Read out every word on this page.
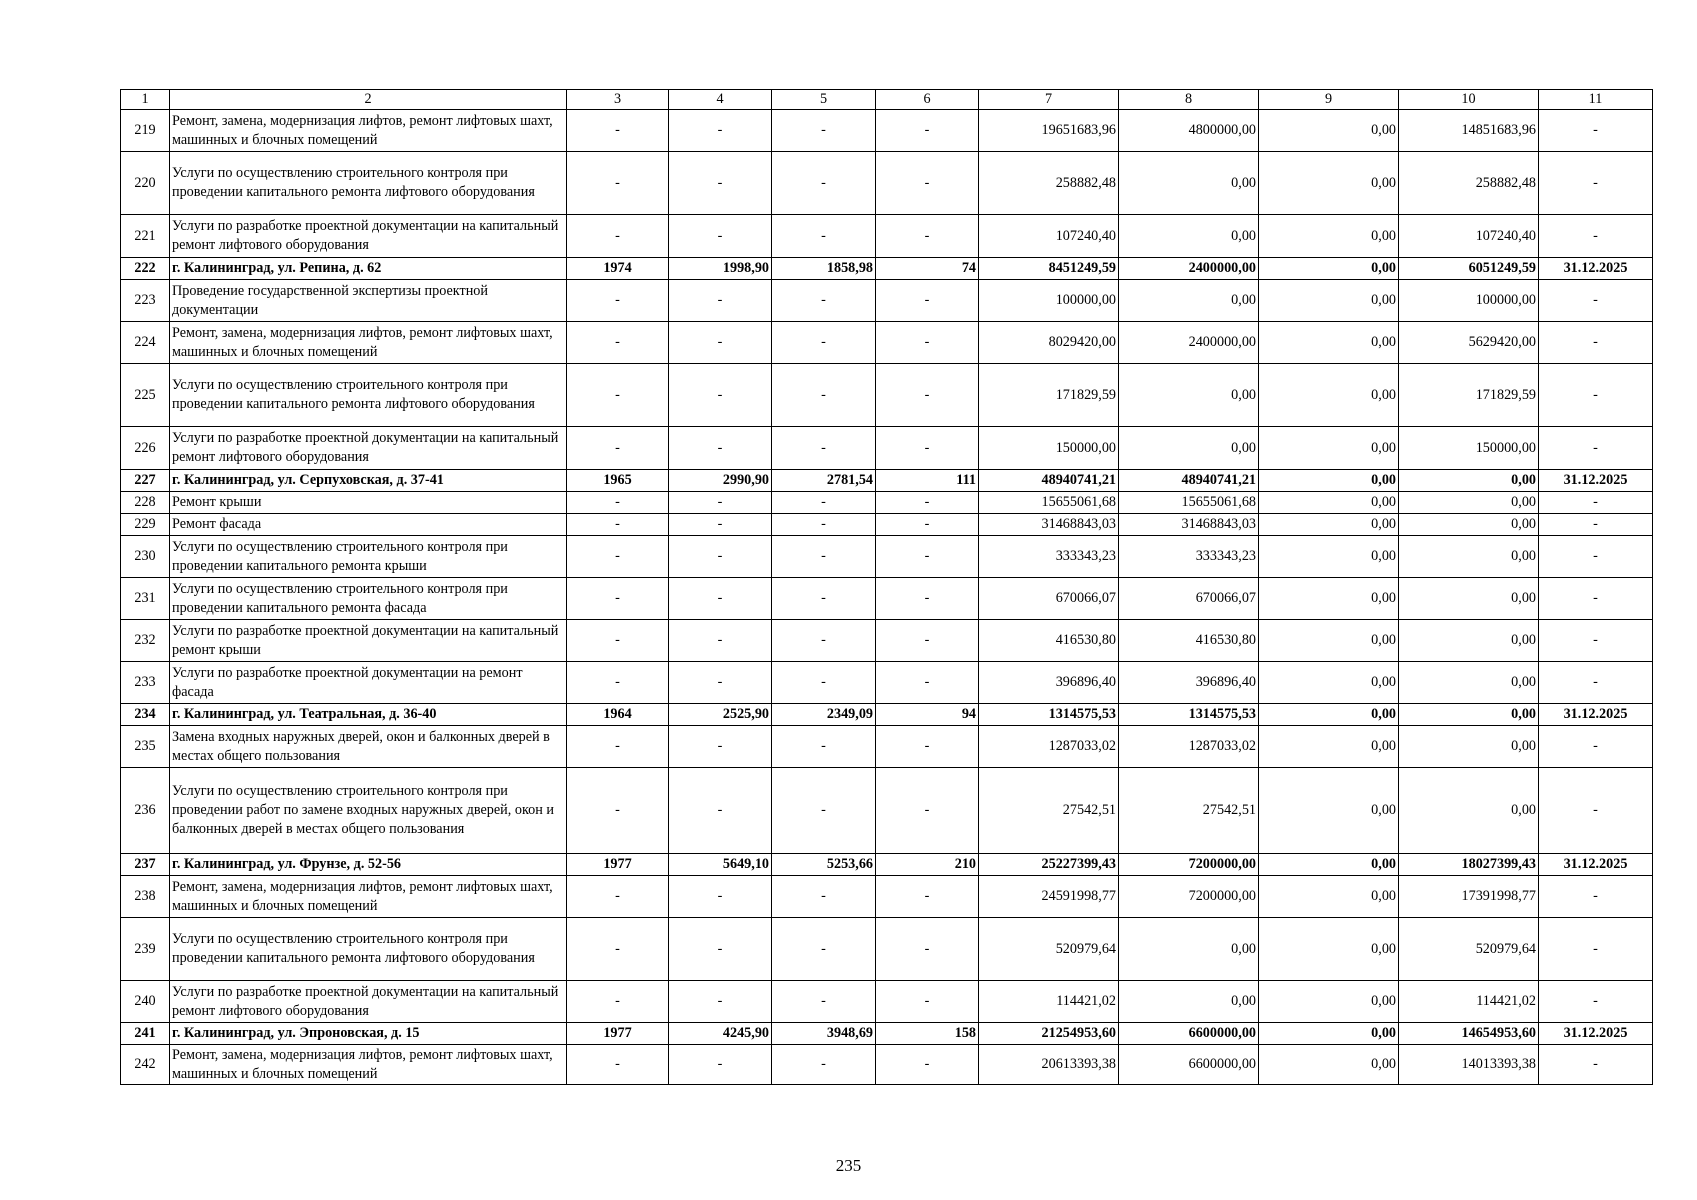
1	2	3	4	5	6	7	8	9	10	11
219	Ремонт, замена, модернизация лифтов, ремонт лифтовых шахт, машинных и блочных помещений	-	-	-	-	19651683,96	4800000,00	0,00	14851683,96	-
220	Услуги по осуществлению строительного контроля при проведении капитального ремонта лифтового оборудования	-	-	-	-	258882,48	0,00	0,00	258882,48	-
221	Услуги по разработке проектной документации на капитальный ремонт лифтового оборудования	-	-	-	-	107240,40	0,00	0,00	107240,40	-
222	г. Калининград, ул. Репина, д. 62	1974	1998,90	1858,98	74	8451249,59	2400000,00	0,00	6051249,59	31.12.2025
223	Проведение государственной экспертизы проектной документации	-	-	-	-	100000,00	0,00	0,00	100000,00	-
224	Ремонт, замена, модернизация лифтов, ремонт лифтовых шахт, машинных и блочных помещений	-	-	-	-	8029420,00	2400000,00	0,00	5629420,00	-
225	Услуги по осуществлению строительного контроля при проведении капитального ремонта лифтового оборудования	-	-	-	-	171829,59	0,00	0,00	171829,59	-
226	Услуги по разработке проектной документации на капитальный ремонт лифтового оборудования	-	-	-	-	150000,00	0,00	0,00	150000,00	-
227	г. Калининград, ул. Серпуховская, д. 37-41	1965	2990,90	2781,54	111	48940741,21	48940741,21	0,00	0,00	31.12.2025
228	Ремонт крыши	-	-	-	-	15655061,68	15655061,68	0,00	0,00	-
229	Ремонт фасада	-	-	-	-	31468843,03	31468843,03	0,00	0,00	-
230	Услуги по осуществлению строительного контроля при проведении капитального ремонта крыши	-	-	-	-	333343,23	333343,23	0,00	0,00	-
231	Услуги по осуществлению строительного контроля при проведении капитального ремонта фасада	-	-	-	-	670066,07	670066,07	0,00	0,00	-
232	Услуги по разработке проектной документации на капитальный ремонт крыши	-	-	-	-	416530,80	416530,80	0,00	0,00	-
233	Услуги по разработке проектной документации на ремонт фасада	-	-	-	-	396896,40	396896,40	0,00	0,00	-
234	г. Калининград, ул. Театральная, д. 36-40	1964	2525,90	2349,09	94	1314575,53	1314575,53	0,00	0,00	31.12.2025
235	Замена входных наружных дверей, окон и балконных дверей в местах общего пользования	-	-	-	-	1287033,02	1287033,02	0,00	0,00	-
236	Услуги по осуществлению строительного контроля при проведении работ по замене входных наружных дверей, окон и балконных дверей в местах общего пользования	-	-	-	-	27542,51	27542,51	0,00	0,00	-
237	г. Калининград, ул. Фрунзе, д. 52-56	1977	5649,10	5253,66	210	25227399,43	7200000,00	0,00	18027399,43	31.12.2025
238	Ремонт, замена, модернизация лифтов, ремонт лифтовых шахт, машинных и блочных помещений	-	-	-	-	24591998,77	7200000,00	0,00	17391998,77	-
239	Услуги по осуществлению строительного контроля при проведении капитального ремонта лифтового оборудования	-	-	-	-	520979,64	0,00	0,00	520979,64	-
240	Услуги по разработке проектной документации на капитальный ремонт лифтового оборудования	-	-	-	-	114421,02	0,00	0,00	114421,02	-
241	г. Калининград, ул. Эпроновская, д. 15	1977	4245,90	3948,69	158	21254953,60	6600000,00	0,00	14654953,60	31.12.2025
242	Ремонт, замена, модернизация лифтов, ремонт лифтовых шахт, машинных и блочных помещений	-	-	-	-	20613393,38	6600000,00	0,00	14013393,38	-
235
